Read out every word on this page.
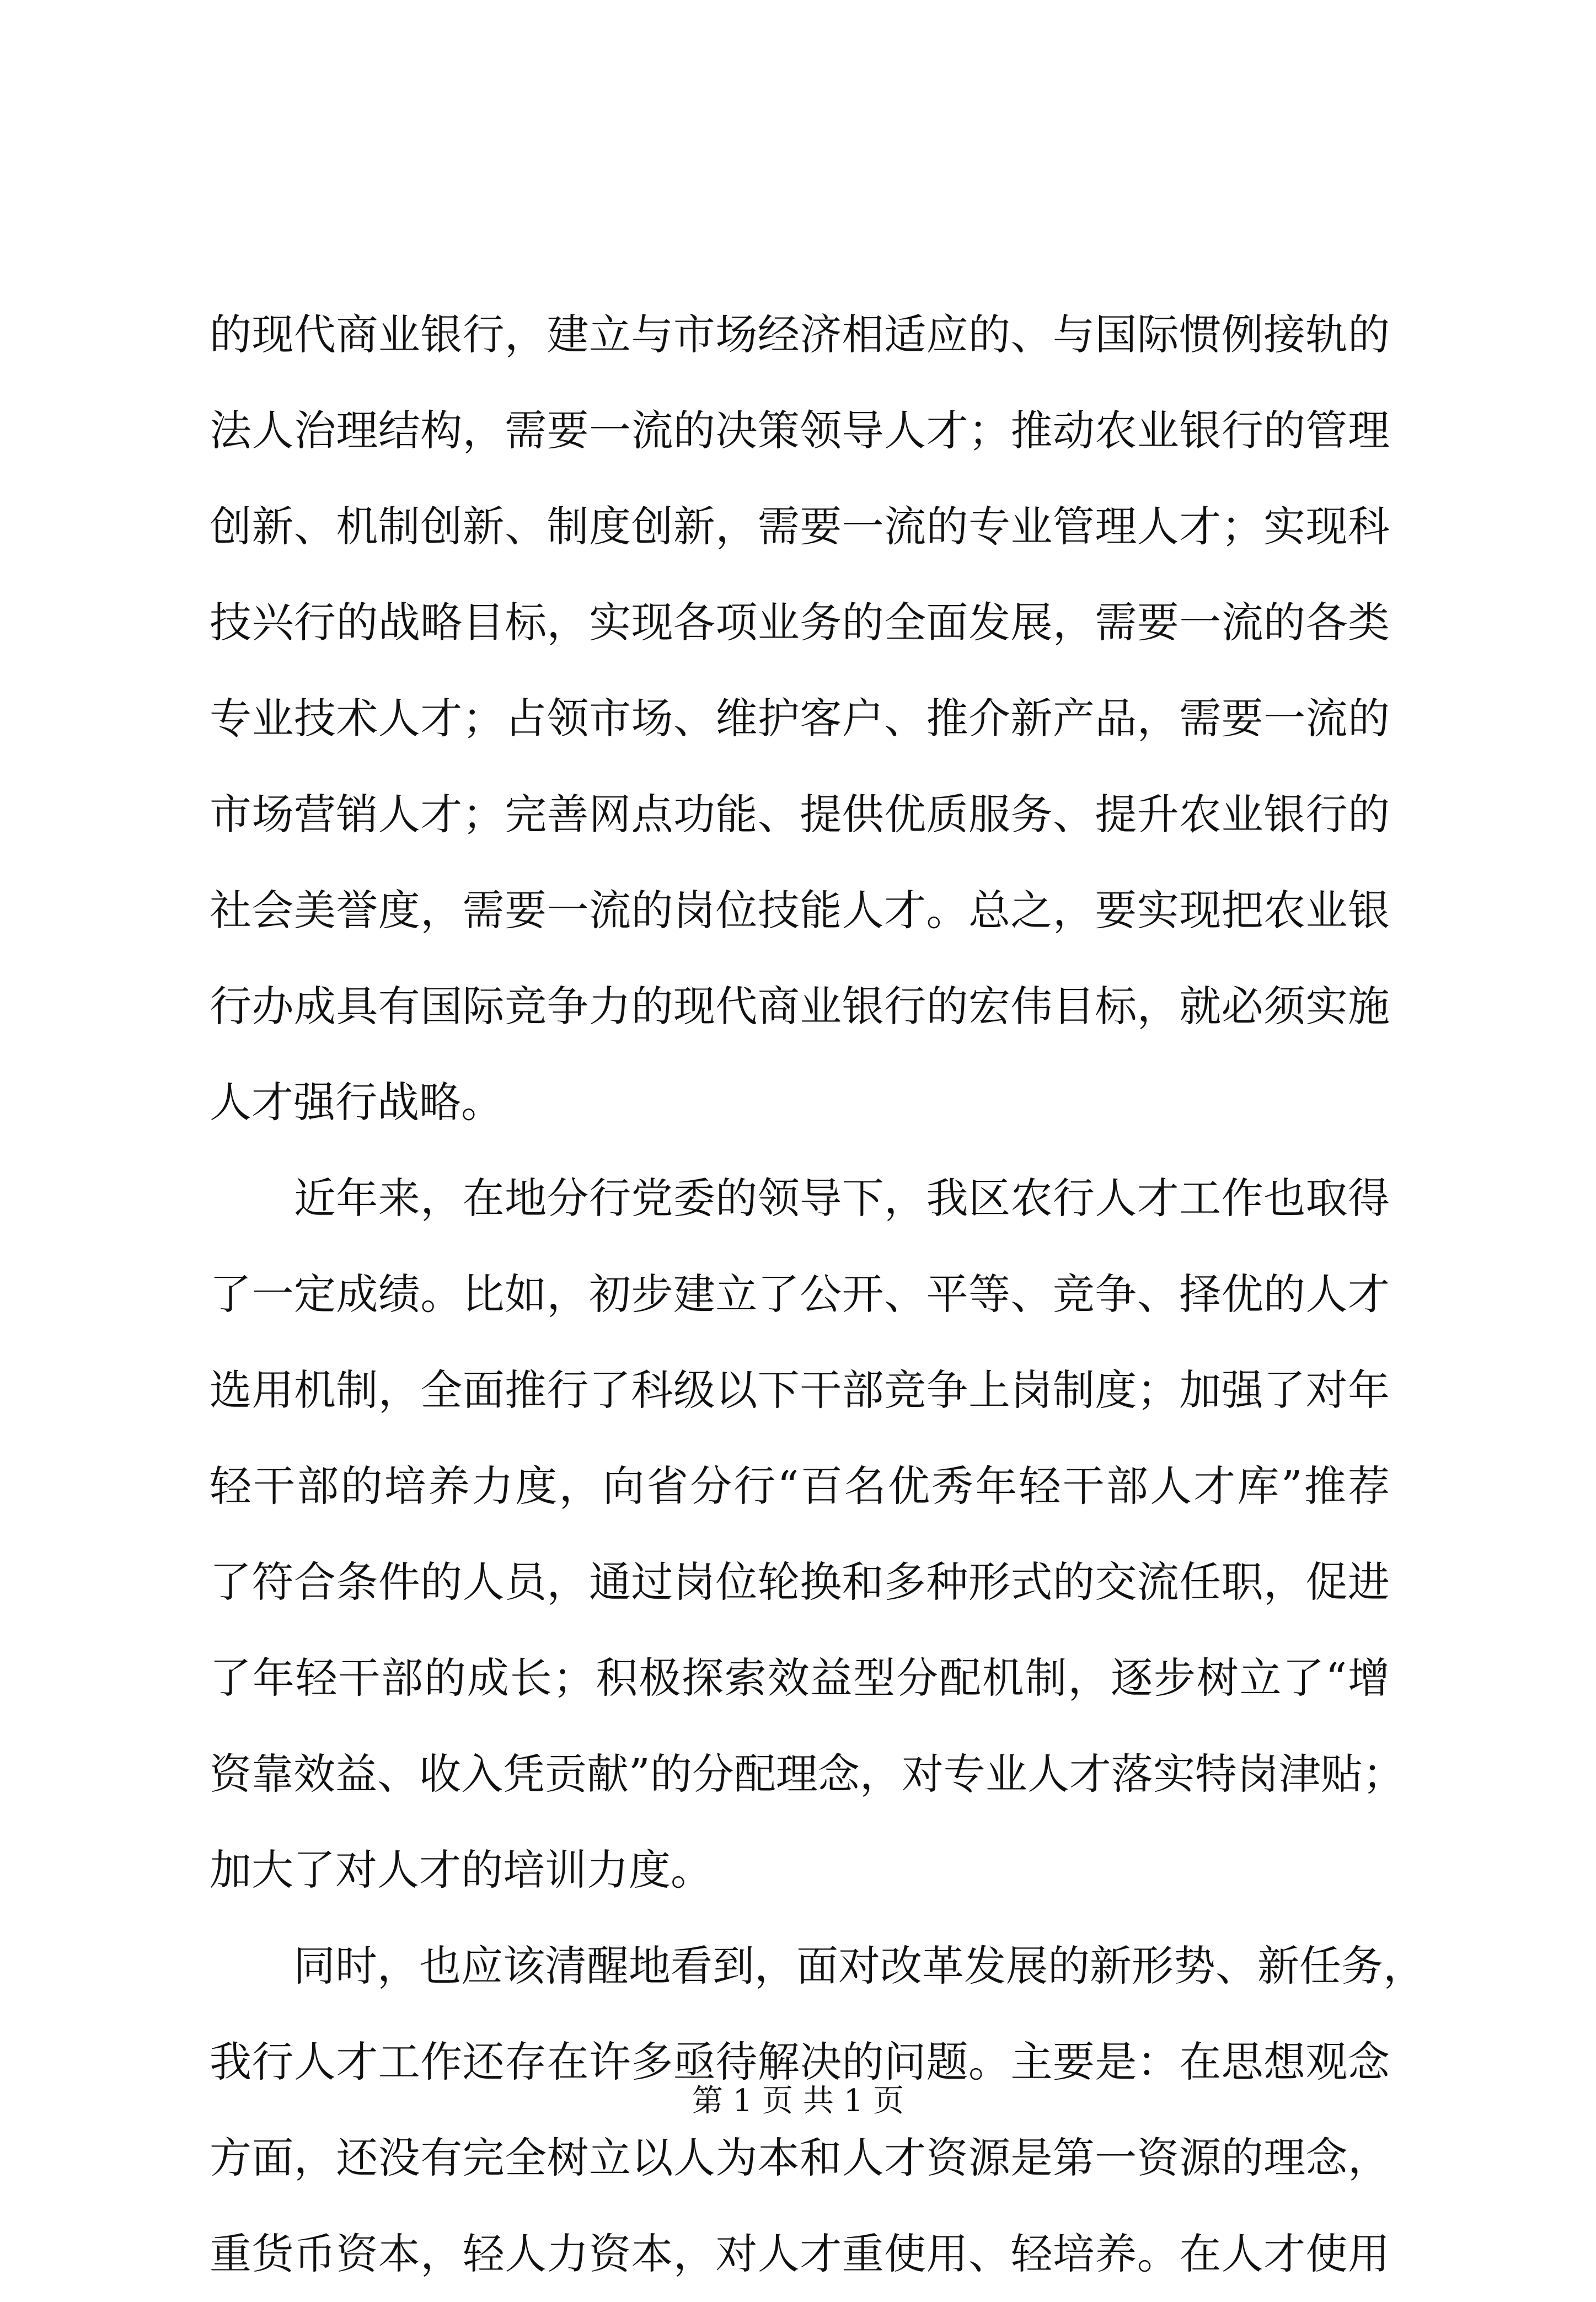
的现代商业银行，建立与市场经济相适应的、与国际惯例接轨的
法人治理结构，需要一流的决策领导人才；推动农业银行的管理
创新、机制创新、制度创新，需要一流的专业管理人才；实现科
技兴行的战略目标，实现各项业务的全面发展，需要一流的各类
专业技术人才；占领市场、维护客户、推介新产品，需要一流的
市场营销人才；完善网点功能、提供优质服务、提升农业银行的
社会美誉度，需要一流的岗位技能人才。总之，要实现把农业银
行办成具有国际竞争力的现代商业银行的宏伟目标，就必须实施
人才强行战略。
　　近年来，在地分行党委的领导下，我区农行人才工作也取得
了一定成绩。比如，初步建立了公开、平等、竞争、择优的人才
选用机制，全面推行了科级以下干部竞争上岗制度；加强了对年
轻干部的培养力度，向省分行“百名优秀年轻干部人才库”推荐
了符合条件的人员，通过岗位轮换和多种形式的交流任职，促进
了年轻干部的成长；积极探索效益型分配机制，逐步树立了“增
资靠效益、收入凭贡献”的分配理念，对专业人才落实特岗津贴；
加大了对人才的培训力度。
　　同时，也应该清醒地看到，面对改革发展的新形势、新任务，
我行人才工作还存在许多亟待解决的问题。主要是：在思想观念
方面，还没有完全树立以人为本和人才资源是第一资源的理念，
重货币资本，轻人力资本，对人才重使用、轻培养。在人才使用
第 1 页 共 1 页
